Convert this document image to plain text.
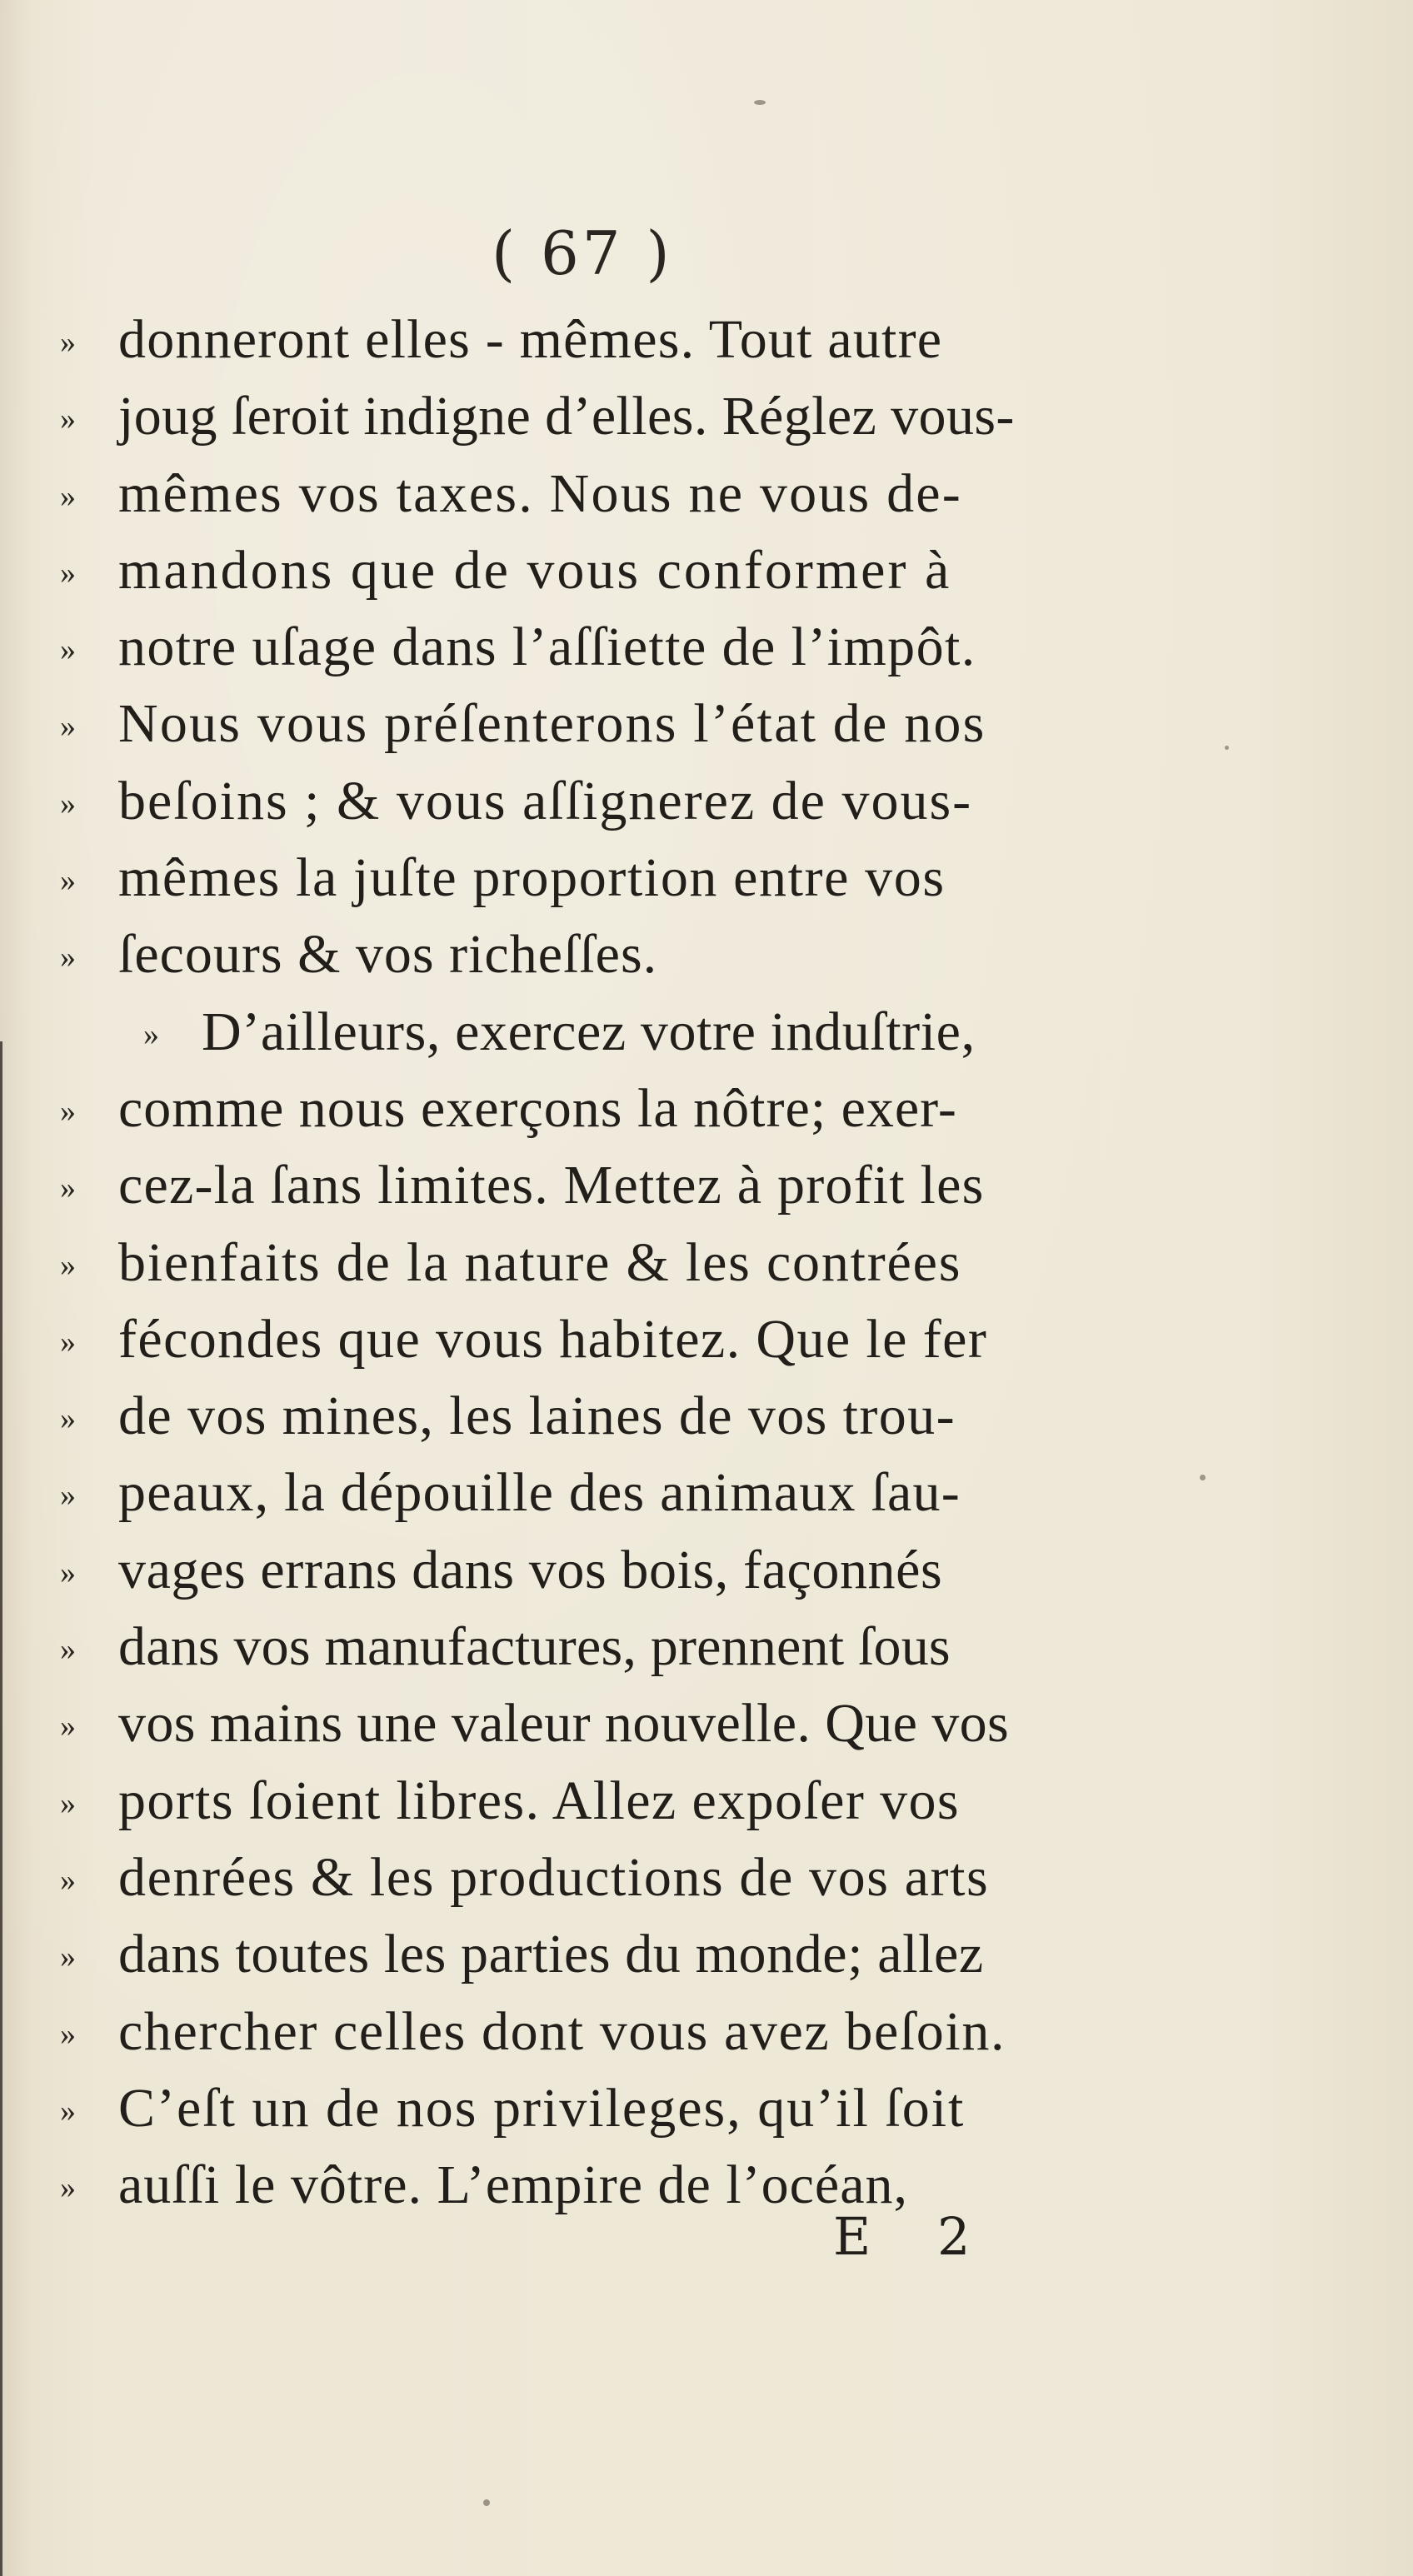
( 67 )
» donneront elles - mêmes. Tout autre
» joug ſeroit indigne d’elles. Réglez vous-
» mêmes vos taxes. Nous ne vous de-
» mandons que de vous conformer à
» notre uſage dans l’aſſiette de l’impôt.
» Nous vous préſenterons l’état de nos
» beſoins ; & vous aſſignerez de vous-
» mêmes la juſte proportion entre vos
» ſecours & vos richeſſes.
» D’ailleurs, exercez votre induſtrie,
» comme nous exerçons la nôtre; exer-
» cez-la ſans limites. Mettez à profit les
» bienfaits de la nature & les contrées
» fécondes que vous habitez. Que le fer
» de vos mines, les laines de vos trou-
» peaux, la dépouille des animaux ſau-
» vages errans dans vos bois, façonnés
» dans vos manufactures, prennent ſous
» vos mains une valeur nouvelle. Que vos
» ports ſoient libres. Allez expoſer vos
» denrées & les productions de vos arts
» dans toutes les parties du monde; allez
» chercher celles dont vous avez beſoin.
» C’eſt un de nos privileges, qu’il ſoit
» auſſi le vôtre. L’empire de l’océan,
E 2
